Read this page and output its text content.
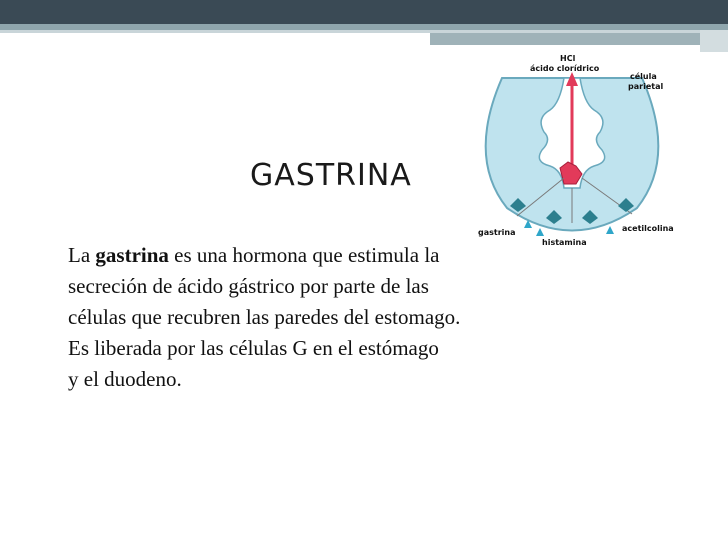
HCl
ácido clorídrico
célula
parietal
gastrina
histamina
acetilcolina
GASTRINA

La gastrina es una hormona que estimula la

secreción de ácido gástrico por parte de las

células que recubren las paredes del estomago.

Es liberada por las células G en el estómago

y el duodeno.
